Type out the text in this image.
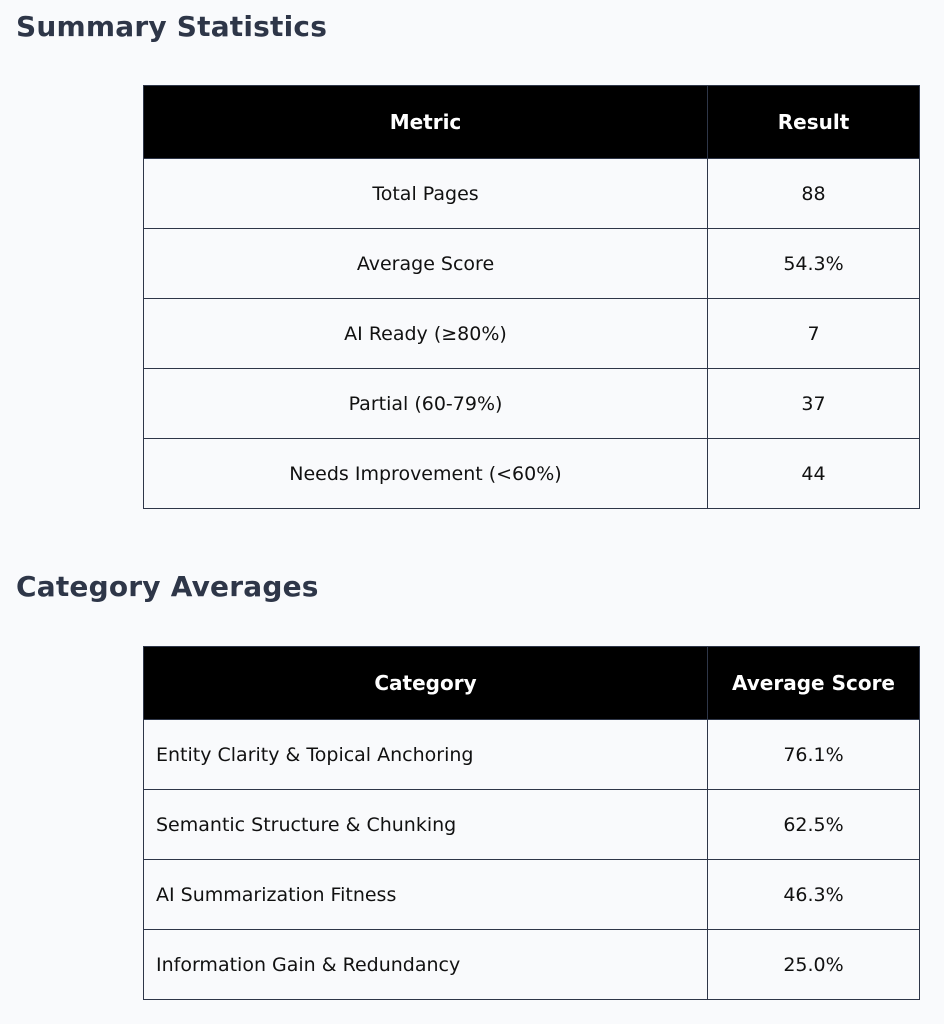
Summary Statistics
Metric	Result
Total Pages	88
Average Score	54.3%
AI Ready (≥80%)	7
Partial (60-79%)	37
Needs Improvement (<60%)	44
Category Averages
Category	Average Score
Entity Clarity & Topical Anchoring	76.1%
Semantic Structure & Chunking	62.5%
AI Summarization Fitness	46.3%
Information Gain & Redundancy	25.0%
